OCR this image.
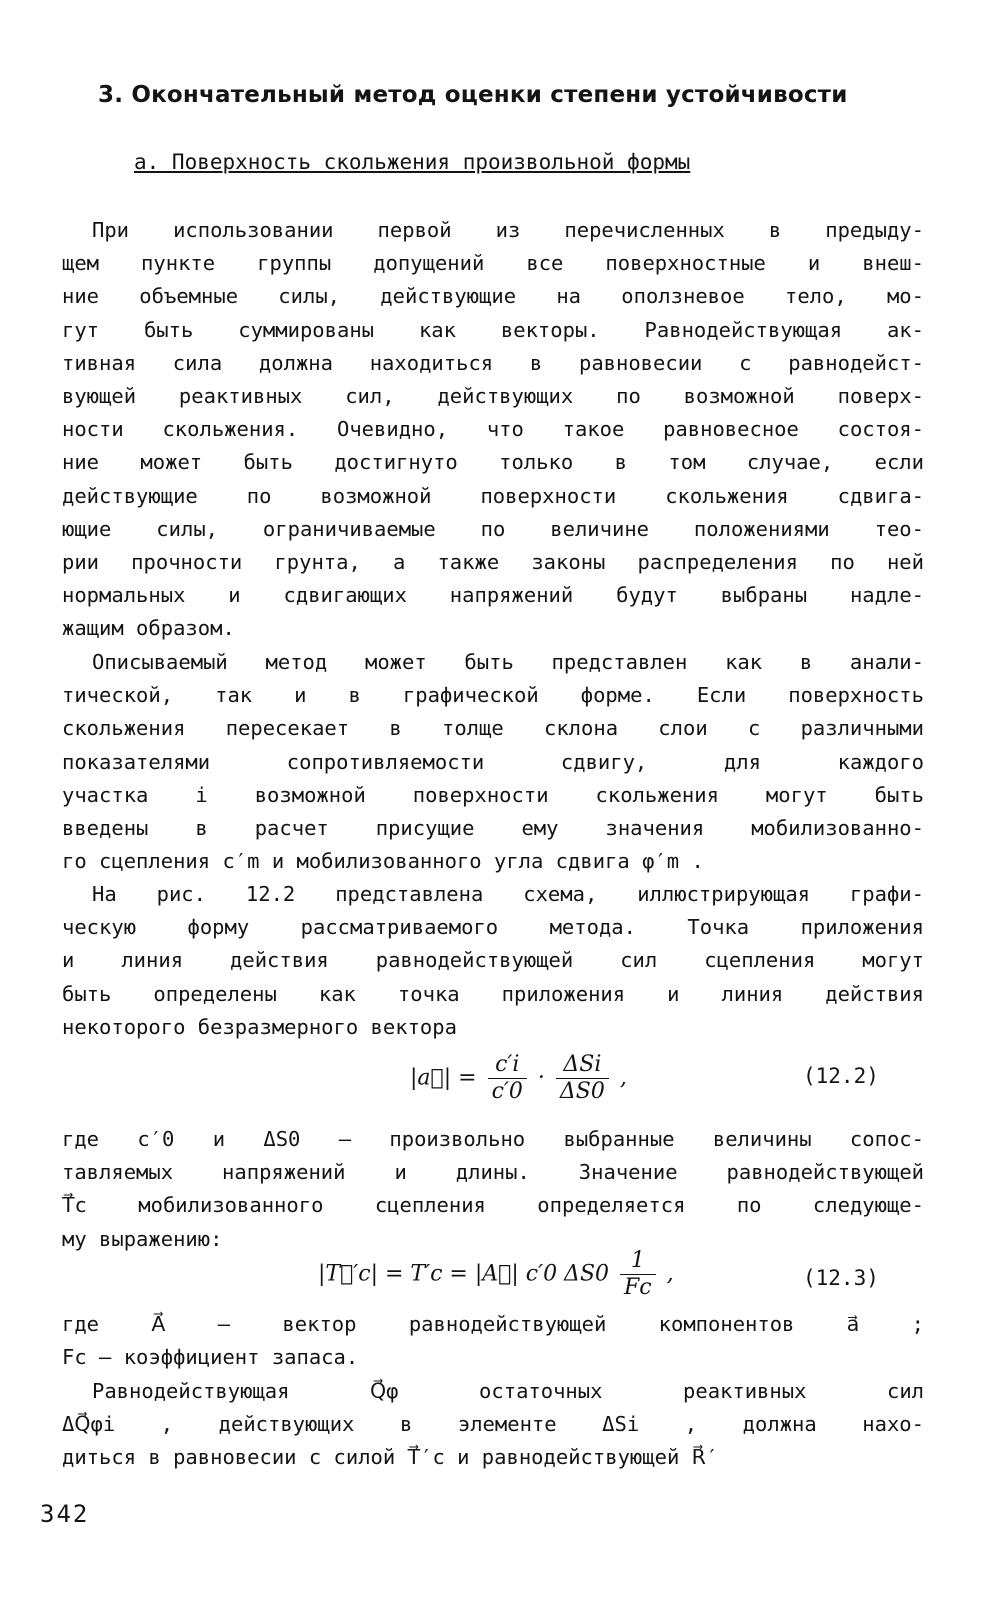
3. Окончательный метод оценки степени устойчивости
а. Поверхность скольжения произвольной формы
При использовании первой из перечисленных в предыду-
щем пункте группы допущений все поверхностные и внеш-
ние объемные силы, действующие на оползневое тело, мо-
гут быть суммированы как векторы. Равнодействующая ак-
тивная сила должна находиться в равновесии с равнодейст-
вующей реактивных сил, действующих по возможной поверх-
ности скольжения. Очевидно, что такое равновесное состоя-
ние может быть достигнуто только в том случае, если
действующие по возможной поверхности скольжения сдвига-
ющие силы, ограничиваемые по величине положениями тео-
рии прочности грунта, а также законы распределения по ней
нормальных и сдвигающих напряжений будут выбраны надле-
жащим образом.
Описываемый метод может быть представлен как в анали-
тической, так и в графической форме. Если поверхность
скольжения пересекает в толще склона слои с различными
показателями сопротивляемости сдвигу, для каждого
участка i возможной поверхности скольжения могут быть
введены в расчет присущие ему значения мобилизованно-
го сцепления c′m и мобилизованного угла сдвига φ′m .
На рис. 12.2 представлена схема, иллюстрирующая графи-
ческую форму рассматриваемого метода. Точка приложения
и линия действия равнодействующей сил сцепления могут
быть определены как точка приложения и линия действия
некоторого безразмерного вектора
|a⃗| = $\frac{c'i}{c'0} \cdot \frac{\text{ΔSi}}{\Delta S0}$ ,	(12.2)
где c′0 и ΔS0 – произвольно выбранные величины сопос-
тавляемых напряжений и длины. Значение равнодействующей
T⃗c мобилизованного сцепления определяется по следующе-
му выражению:
|T⃗′c| = T′c = |A⃗| c′0 $\Delta S0 \frac{1}{Fc}$ ,	(12.3)
где A⃗ – вектор равнодействующей компонентов a⃗ ;
Fc – коэффициент запаса.
Равнодействующая Q⃗φ остаточных реактивных сил
ΔQ⃗φi , действующих в элементе ΔSi , должна нахо-
диться в равновесии с силой T⃗′c и равнодействующей R⃗′
342
